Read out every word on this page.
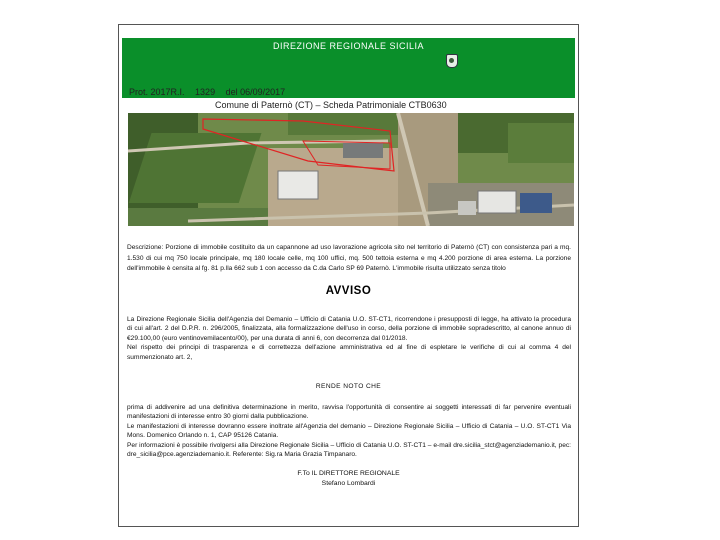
DIREZIONE REGIONALE SICILIA
Prot. 2017R.I. 1329 del 06/09/2017
Comune di Paternò (CT) – Scheda Patrimoniale CTB0630
Descrizione: Porzione di immobile costituito da un capannone ad uso lavorazione agricola sito nel territorio di Paternò (CT) con consistenza pari a mq. 1.530 di cui mq 750 locale principale, mq 180 locale celle, mq 100 uffici, mq. 500 tettoia esterna e mq 4.200 porzione di area esterna. La porzione dell'immobile è censita al fg. 81 p.lla 662 sub 1 con accesso da C.da Carlo SP 69 Paternò. L'immobile risulta utilizzato senza titolo
AVVISO
La Direzione Regionale Sicilia dell'Agenzia del Demanio – Ufficio di Catania U.O. ST-CT1, ricorrendone i presupposti di legge, ha attivato la procedura di cui all'art. 2 del D.P.R. n. 296/2005, finalizzata, alla formalizzazione dell'uso in corso, della porzione di immobile sopradescritto, al canone annuo di €29.100,00 (euro ventinovemilacento/00), per una durata di anni 6, con decorrenza dal 01/2018.
Nel rispetto dei principi di trasparenza e di correttezza dell'azione amministrativa ed al fine di espletare le verifiche di cui al comma 4 del summenzionato art. 2,
RENDE NOTO CHE
prima di addivenire ad una definitiva determinazione in merito, ravvisa l'opportunità di consentire ai soggetti interessati di far pervenire eventuali manifestazioni di interesse entro 30 giorni dalla pubblicazione.
Le manifestazioni di interesse dovranno essere inoltrate all'Agenzia del demanio – Direzione Regionale Sicilia – Ufficio di Catania – U.O. ST-CT1 Via Mons. Domenico Orlando n. 1, CAP 95126 Catania.
Per informazioni è possibile rivolgersi alla Direzione Regionale Sicilia – Ufficio di Catania U.O. ST-CT1 – e-mail dre.sicilia_stct@agenziademanio.it, pec: dre_sicilia@pce.agenziademanio.it. Referente: Sig.ra Maria Grazia Timpanaro.
F.To IL DIRETTORE REGIONALE
Stefano Lombardi
